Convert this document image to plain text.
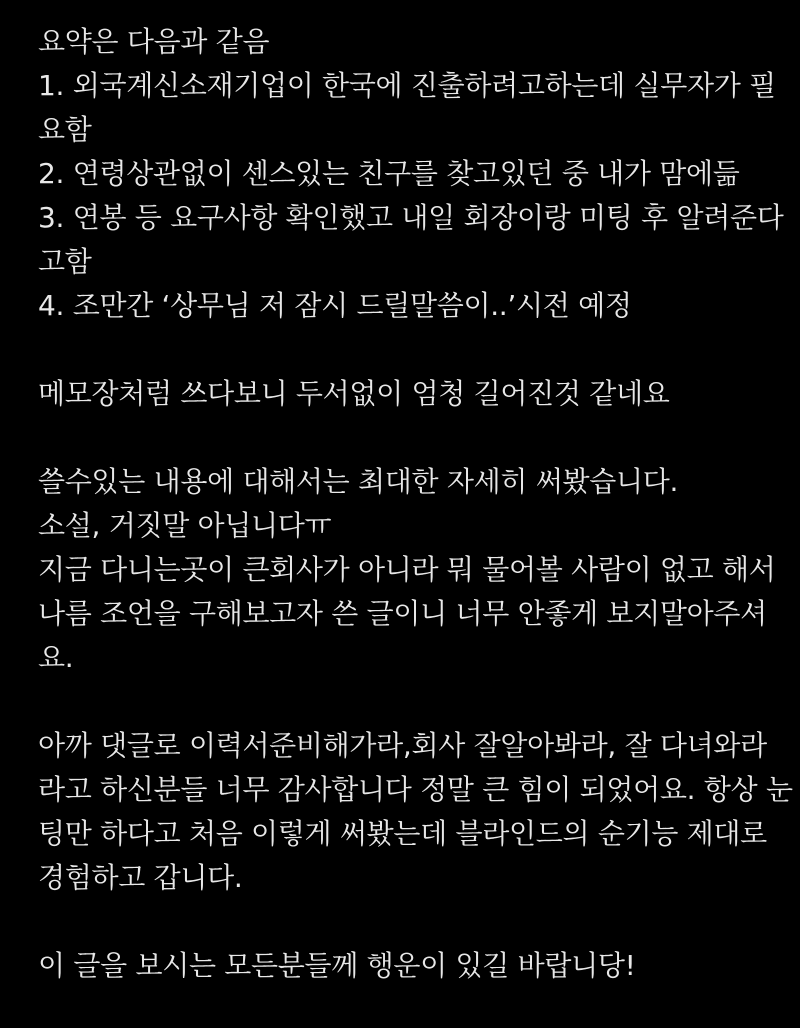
요약은 다음과 같음
1. 외국계신소재기업이 한국에 진출하려고하는데 실무자가 필
요함
2. 연령상관없이 센스있는 친구를 찾고있던 중 내가 맘에듦
3. 연봉 등 요구사항 확인했고 내일 회장이랑 미팅 후 알려준다
고함
4. 조만간 ‘상무님 저 잠시 드릴말씀이..’시전 예정
메모장처럼 쓰다보니 두서없이 엄청 길어진것 같네요
쓸수있는 내용에 대해서는 최대한 자세히 써봤습니다.
소설, 거짓말 아닙니다ㅠ
지금 다니는곳이 큰회사가 아니라 뭐 물어볼 사람이 없고 해서
나름 조언을 구해보고자 쓴 글이니 너무 안좋게 보지말아주셔
요.
아까 댓글로 이력서준비해가라,회사 잘알아봐라, 잘 다녀와라
라고 하신분들 너무 감사합니다 정말 큰 힘이 되었어요. 항상 눈
팅만 하다고 처음 이렇게 써봤는데 블라인드의 순기능 제대로
경험하고 갑니다.
이 글을 보시는 모든분들께 행운이 있길 바랍니당!
